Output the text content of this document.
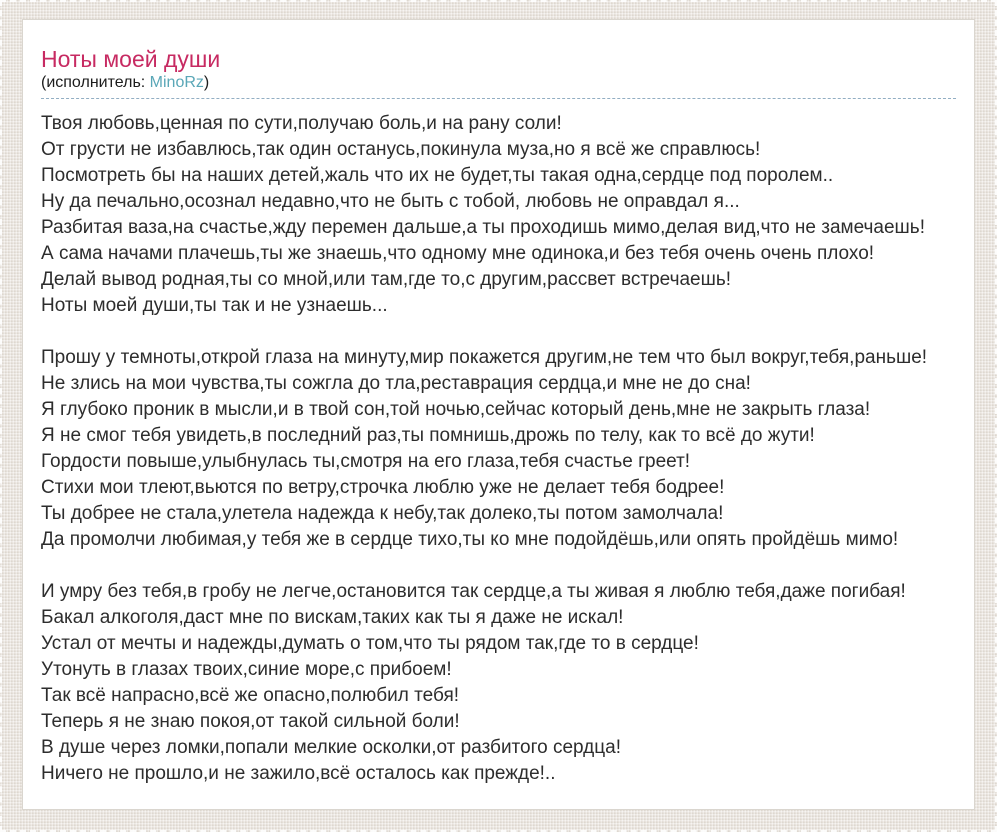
Ноты моей души
(исполнитель: MinoRz)
Твоя любовь,ценная по сути,получаю боль,и на рану соли!
От грусти не избавлюсь,так один останусь,покинула муза,но я всё же справлюсь!
Посмотреть бы на наших детей,жаль что их не будет,ты такая одна,сердце под поролем..
Ну да печально,осознал недавно,что не быть с тобой, любовь не оправдал я...
Разбитая ваза,на счастье,жду перемен дальше,а ты проходишь мимо,делая вид,что не замечаешь!
А сама начами плачешь,ты же знаешь,что одному мне одинока,и без тебя очень очень плохо!
Делай вывод родная,ты со мной,или там,где то,с другим,рассвет встречаешь!
Ноты моей души,ты так и не узнаешь...
Прошу у темноты,открой глаза на минуту,мир покажется другим,не тем что был вокруг,тебя,раньше!
Не злись на мои чувства,ты сожгла до тла,реставрация сердца,и мне не до сна!
Я глубоко проник в мысли,и в твой сон,той ночью,сейчас который день,мне не закрыть глаза!
Я не смог тебя увидеть,в последний раз,ты помнишь,дрожь по телу, как то всё до жути!
Гордости повыше,улыбнулась ты,смотря на его глаза,тебя счастье греет!
Стихи мои тлеют,вьются по ветру,строчка люблю уже не делает тебя бодрее!
Ты добрее не стала,улетела надежда к небу,так долеко,ты потом замолчала!
Да промолчи любимая,у тебя же в сердце тихо,ты ко мне подойдёшь,или опять пройдёшь мимо!
И умру без тебя,в гробу не легче,остановится так сердце,а ты живая я люблю тебя,даже погибая!
Бакал алкоголя,даст мне по вискам,таких как ты я даже не искал!
Устал от мечты и надежды,думать о том,что ты рядом так,где то в сердце!
Утонуть в глазах твоих,синие море,с прибоем!
Так всё напрасно,всё же опасно,полюбил тебя!
Теперь я не знаю покоя,от такой сильной боли!
В душе через ломки,попали мелкие осколки,от разбитого сердца!
Ничего не прошло,и не зажило,всё осталось как прежде!..
